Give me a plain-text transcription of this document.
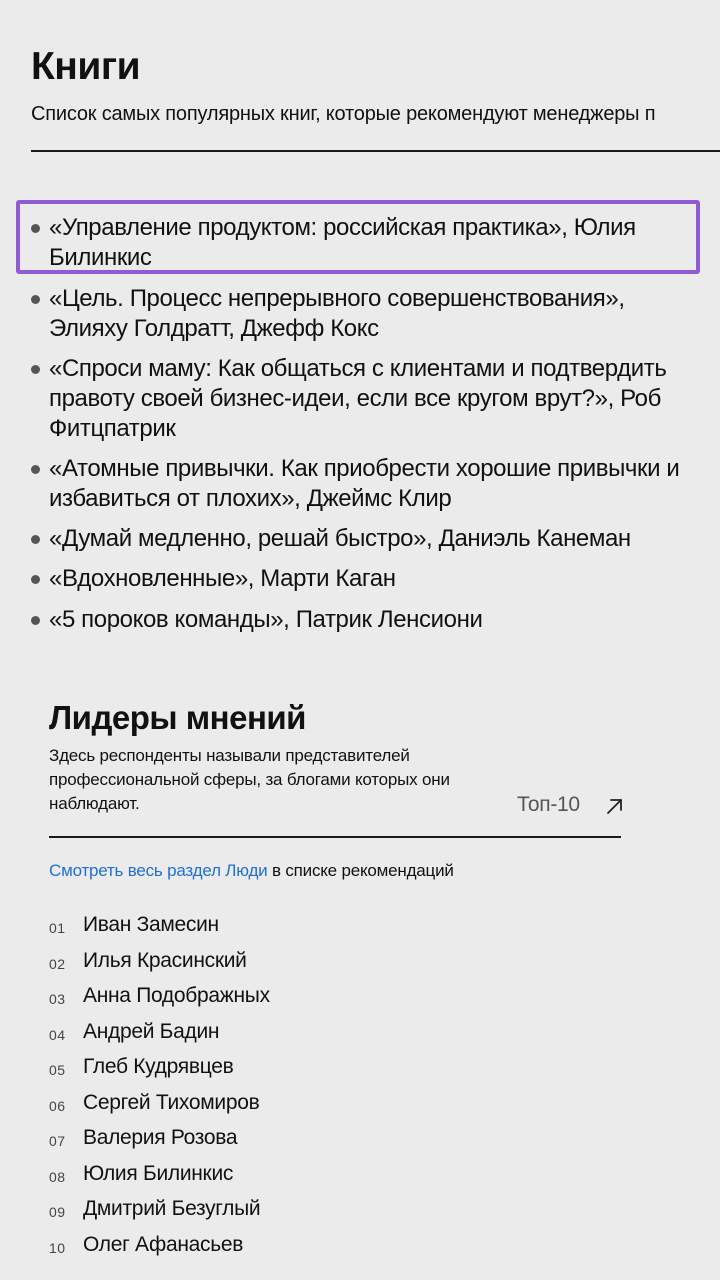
Книги
Список самых популярных книг, которые рекомендуют менеджеры п
«Управление продуктом: российская практика», Юлия Билинкис
«Цель. Процесс непрерывного совершенствования», Элияху Голдратт, Джефф Кокс
«Спроси маму: Как общаться с клиентами и подтвердить правоту своей бизнес-идеи, если все кругом врут?», Роб Фитцпатрик
«Атомные привычки. Как приобрести хорошие привычки и избавиться от плохих», Джеймс Клир
«Думай медленно, решай быстро», Даниэль Канеман
«Вдохновленные», Марти Каган
«5 пороков команды», Патрик Ленсиони
Лидеры мнений
Здесь респонденты называли представителей профессиональной сферы, за блогами которых они наблюдают.	Топ-10
Смотреть весь раздел Люди в списке рекомендаций
01 Иван Замесин
02 Илья Красинский
03 Анна Подображных
04 Андрей Бадин
05 Глеб Кудрявцев
06 Сергей Тихомиров
07 Валерия Розова
08 Юлия Билинкис
09 Дмитрий Безуглый
10 Олег Афанасьев
